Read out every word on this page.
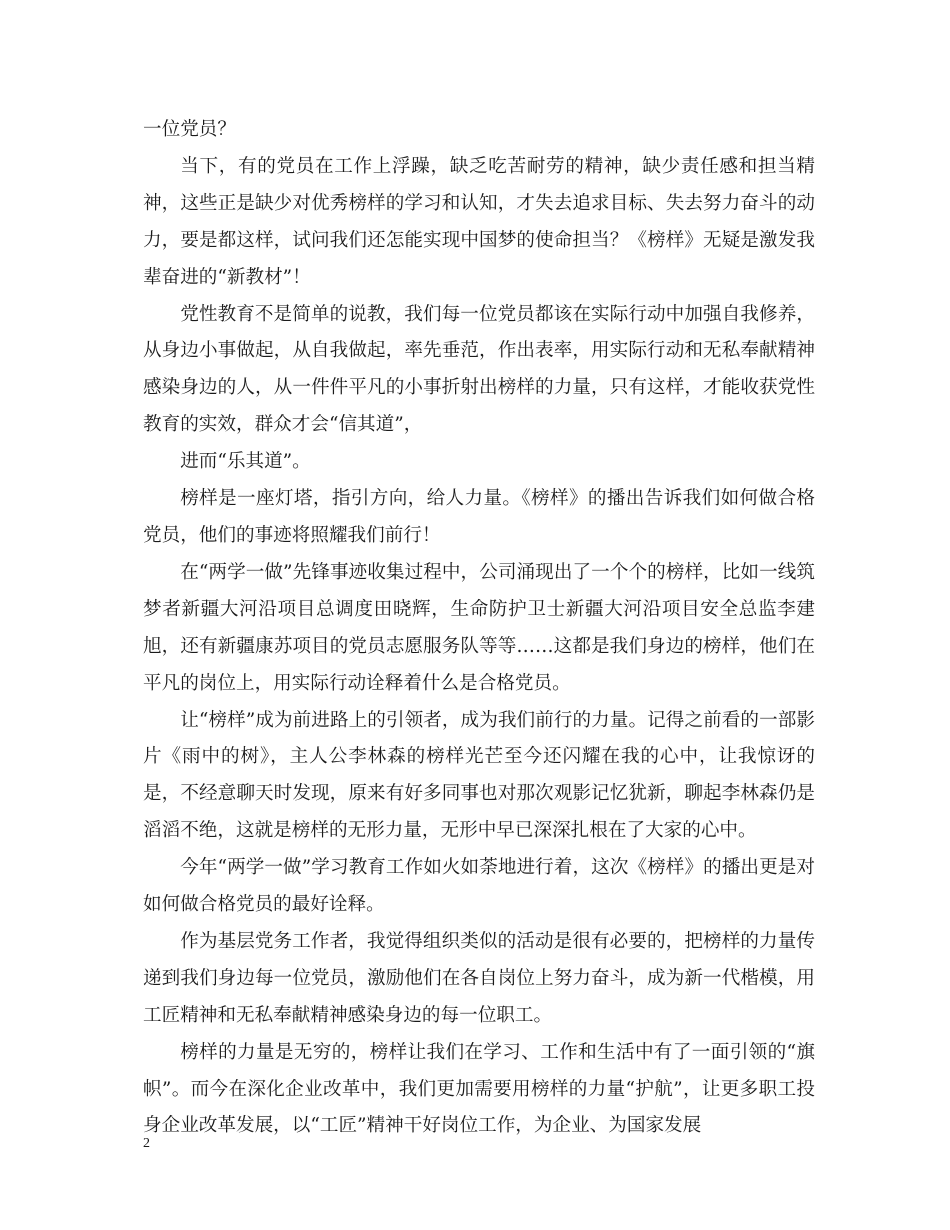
一位党员？

当下，有的党员在工作上浮躁，缺乏吃苦耐劳的精神，缺少责任感和担当精神，这些正是缺少对优秀榜样的学习和认知，才失去追求目标、失去努力奋斗的动力，要是都这样，试问我们还怎能实现中国梦的使命担当？《榜样》无疑是激发我辈奋进的“新教材”！

党性教育不是简单的说教，我们每一位党员都该在实际行动中加强自我修养，从身边小事做起，从自我做起，率先垂范，作出表率，用实际行动和无私奉献精神感染身边的人，从一件件平凡的小事折射出榜样的力量，只有这样，才能收获党性教育的实效，群众才会“信其道”，

进而“乐其道”。

榜样是一座灯塔，指引方向，给人力量。《榜样》的播出告诉我们如何做合格党员，他们的事迹将照耀我们前行！

在“两学一做”先锋事迹收集过程中，公司涌现出了一个个的榜样，比如一线筑梦者新疆大河沿项目总调度田晓辉，生命防护卫士新疆大河沿项目安全总监李建旭，还有新疆康苏项目的党员志愿服务队等等……这都是我们身边的榜样，他们在平凡的岗位上，用实际行动诠释着什么是合格党员。

让“榜样”成为前进路上的引领者，成为我们前行的力量。记得之前看的一部影片《雨中的树》，主人公李林森的榜样光芒至今还闪耀在我的心中，让我惊讶的是，不经意聊天时发现，原来有好多同事也对那次观影记忆犹新，聊起李林森仍是滔滔不绝，这就是榜样的无形力量，无形中早已深深扎根在了大家的心中。

今年“两学一做”学习教育工作如火如荼地进行着，这次《榜样》的播出更是对如何做合格党员的最好诠释。

作为基层党务工作者，我觉得组织类似的活动是很有必要的，把榜样的力量传递到我们身边每一位党员，激励他们在各自岗位上努力奋斗，成为新一代楷模，用工匠精神和无私奉献精神感染身边的每一位职工。

榜样的力量是无穷的，榜样让我们在学习、工作和生活中有了一面引领的“旗帜”。而今在深化企业改革中，我们更加需要用榜样的力量“护航”，让更多职工投身企业改革发展，以“工匠”精神干好岗位工作，为企业、为国家发展

2
